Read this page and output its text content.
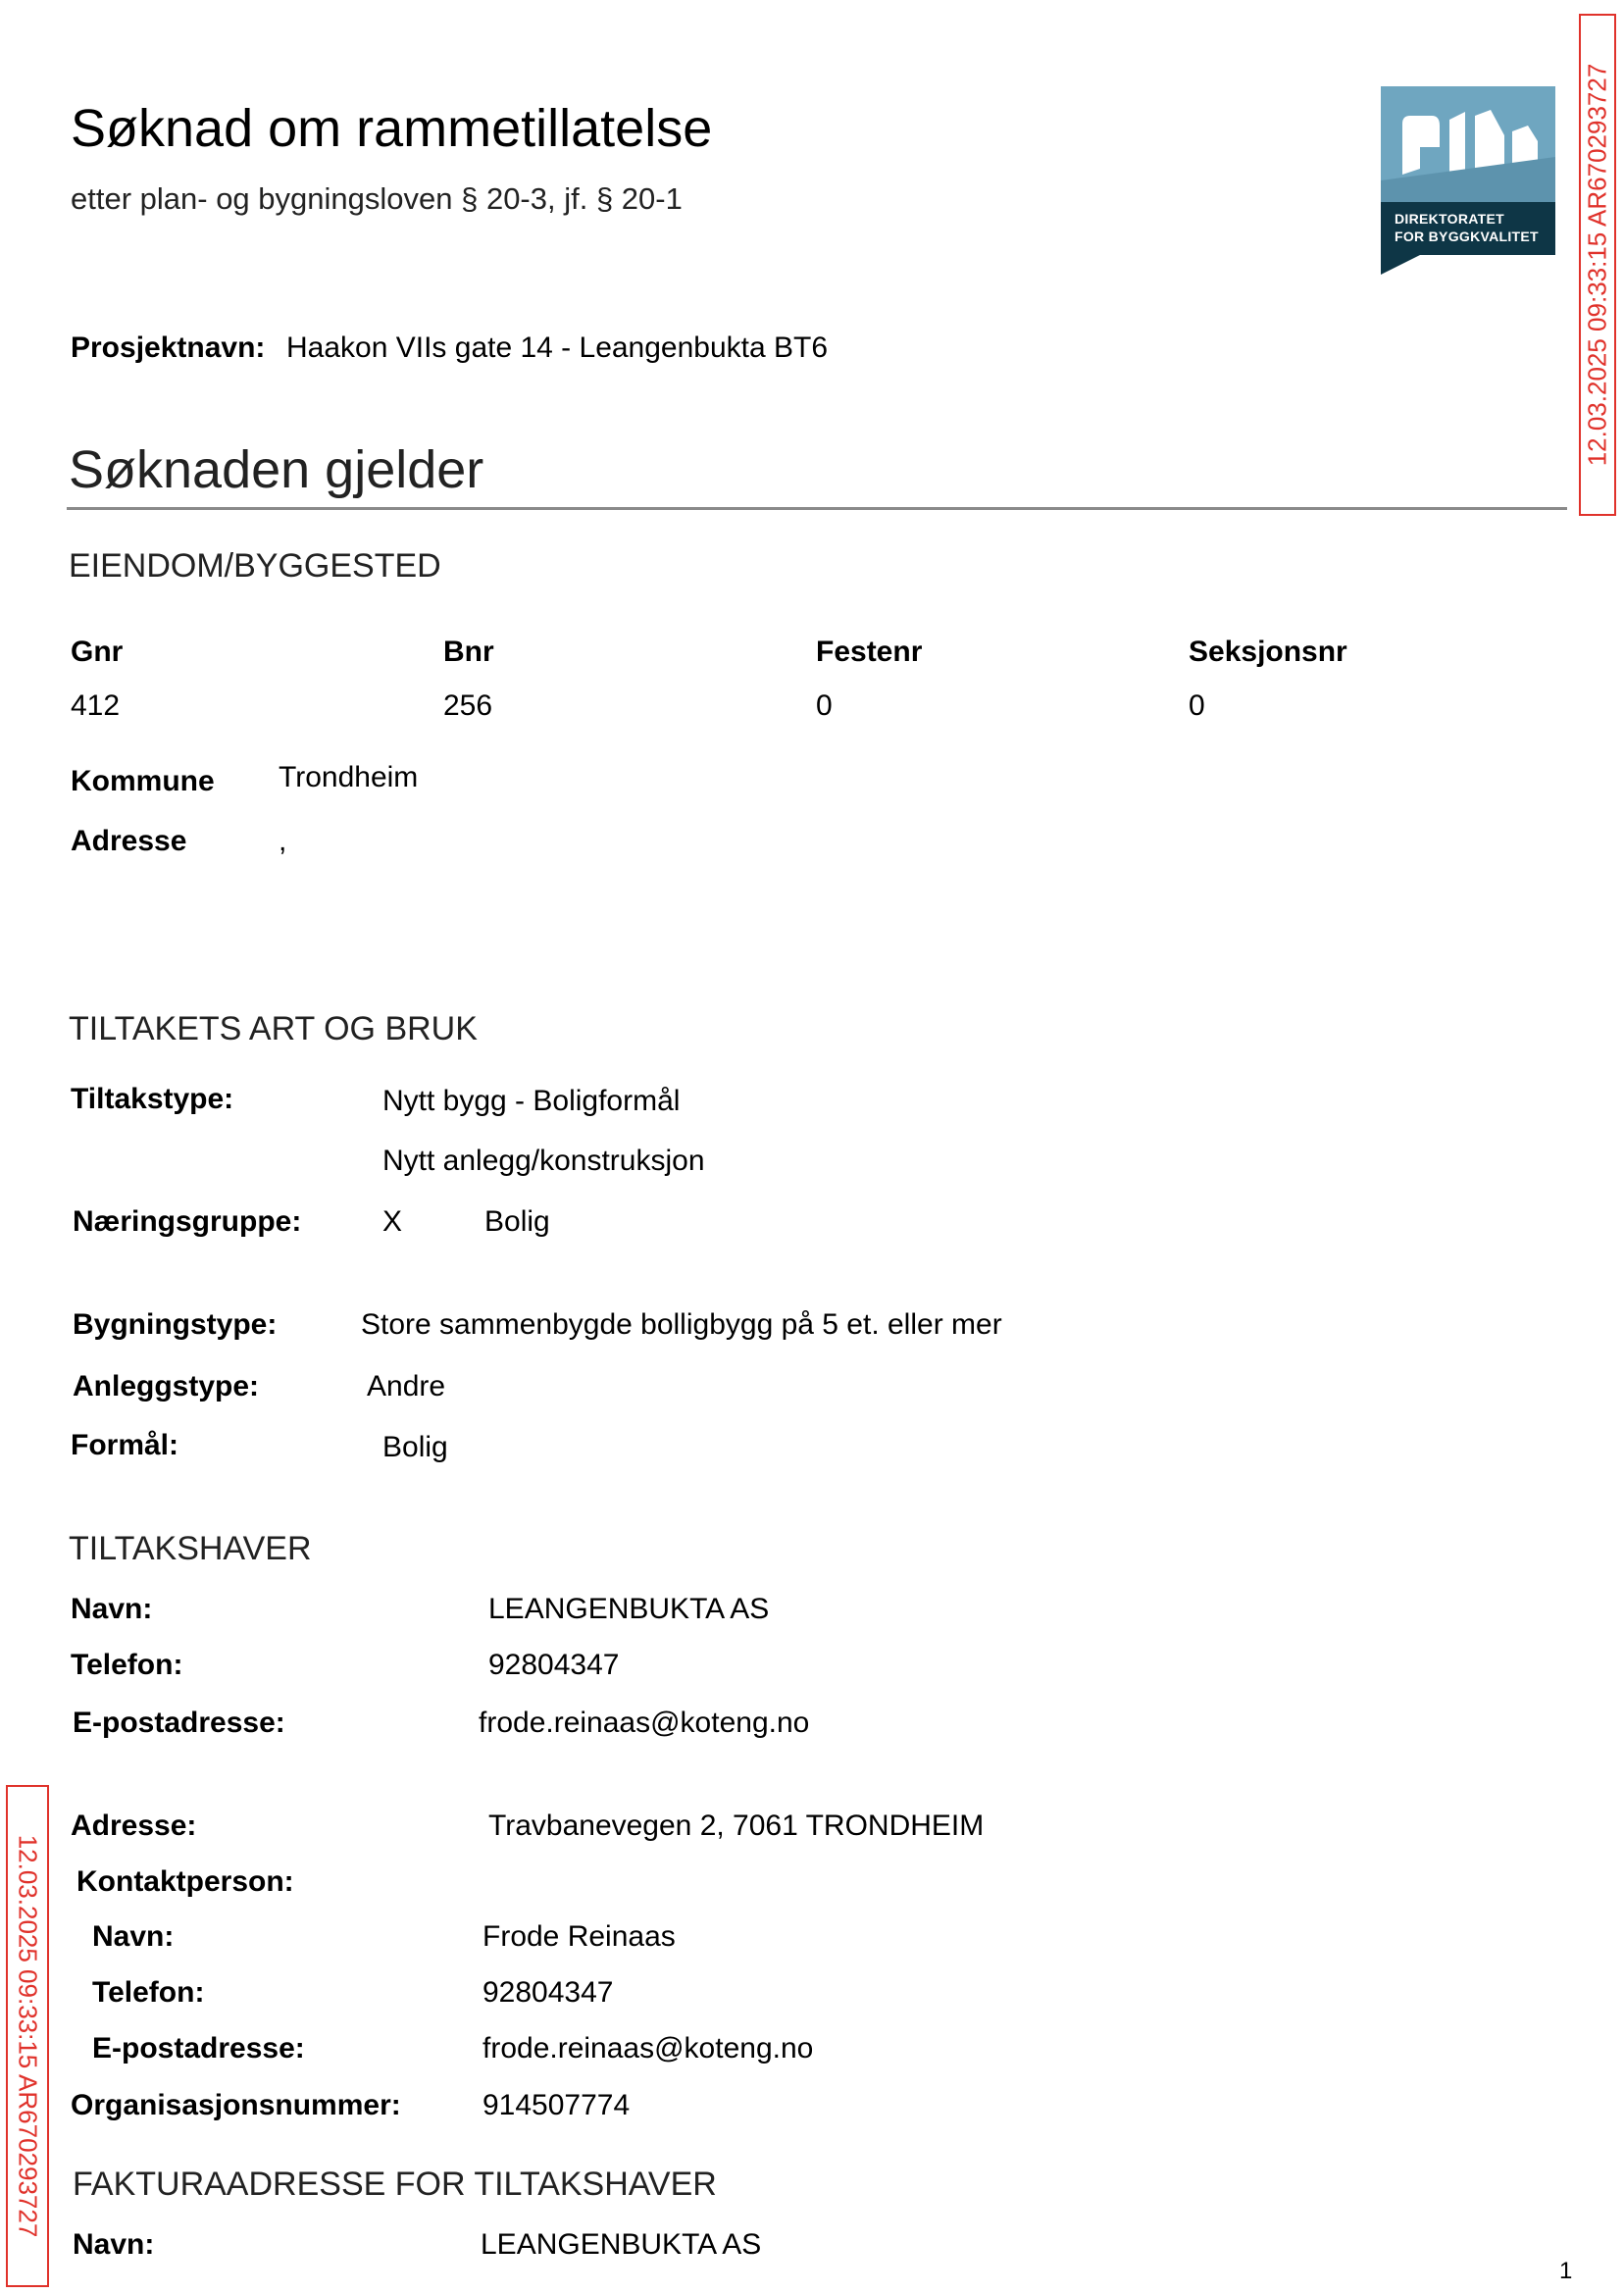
Søknad om rammetillatelse
etter plan- og bygningsloven § 20-3, jf. § 20-1
DIREKTORATET
FOR BYGGKVALITET 12.03.2025 09:33:15 AR670293727
12.03.2025 09:33:15 AR670293727
Prosjektnavn: Haakon VIIs gate 14 - Leangenbukta BT6
Søknaden gjelder
EIENDOM/BYGGESTED
Gnr	Bnr	Festenr	Seksjonsnr
412	256	0	0
Kommune Trondheim
Adresse	,
TILTAKETS ART OG BRUK
Tiltakstype:	Nytt bygg - Boligformål
Nytt anlegg/konstruksjon
Næringsgruppe:	X	Bolig
Bygningstype:	Store sammenbygde bolligbygg på 5 et. eller mer
Anleggstype:	Andre
Formål:	Bolig
TILTAKSHAVER
Navn:	LEANGENBUKTA AS
Telefon:	92804347
E-postadresse:	frode.reinaas@koteng.no
Adresse:	Travbanevegen 2, 7061 TRONDHEIM
Kontaktperson:
Navn:	Frode Reinaas
Telefon:	92804347
E-postadresse:	frode.reinaas@koteng.no
Organisasjonsnummer:	914507774
FAKTURAADRESSE FOR TILTAKSHAVER
Navn:	LEANGENBUKTA AS
1
